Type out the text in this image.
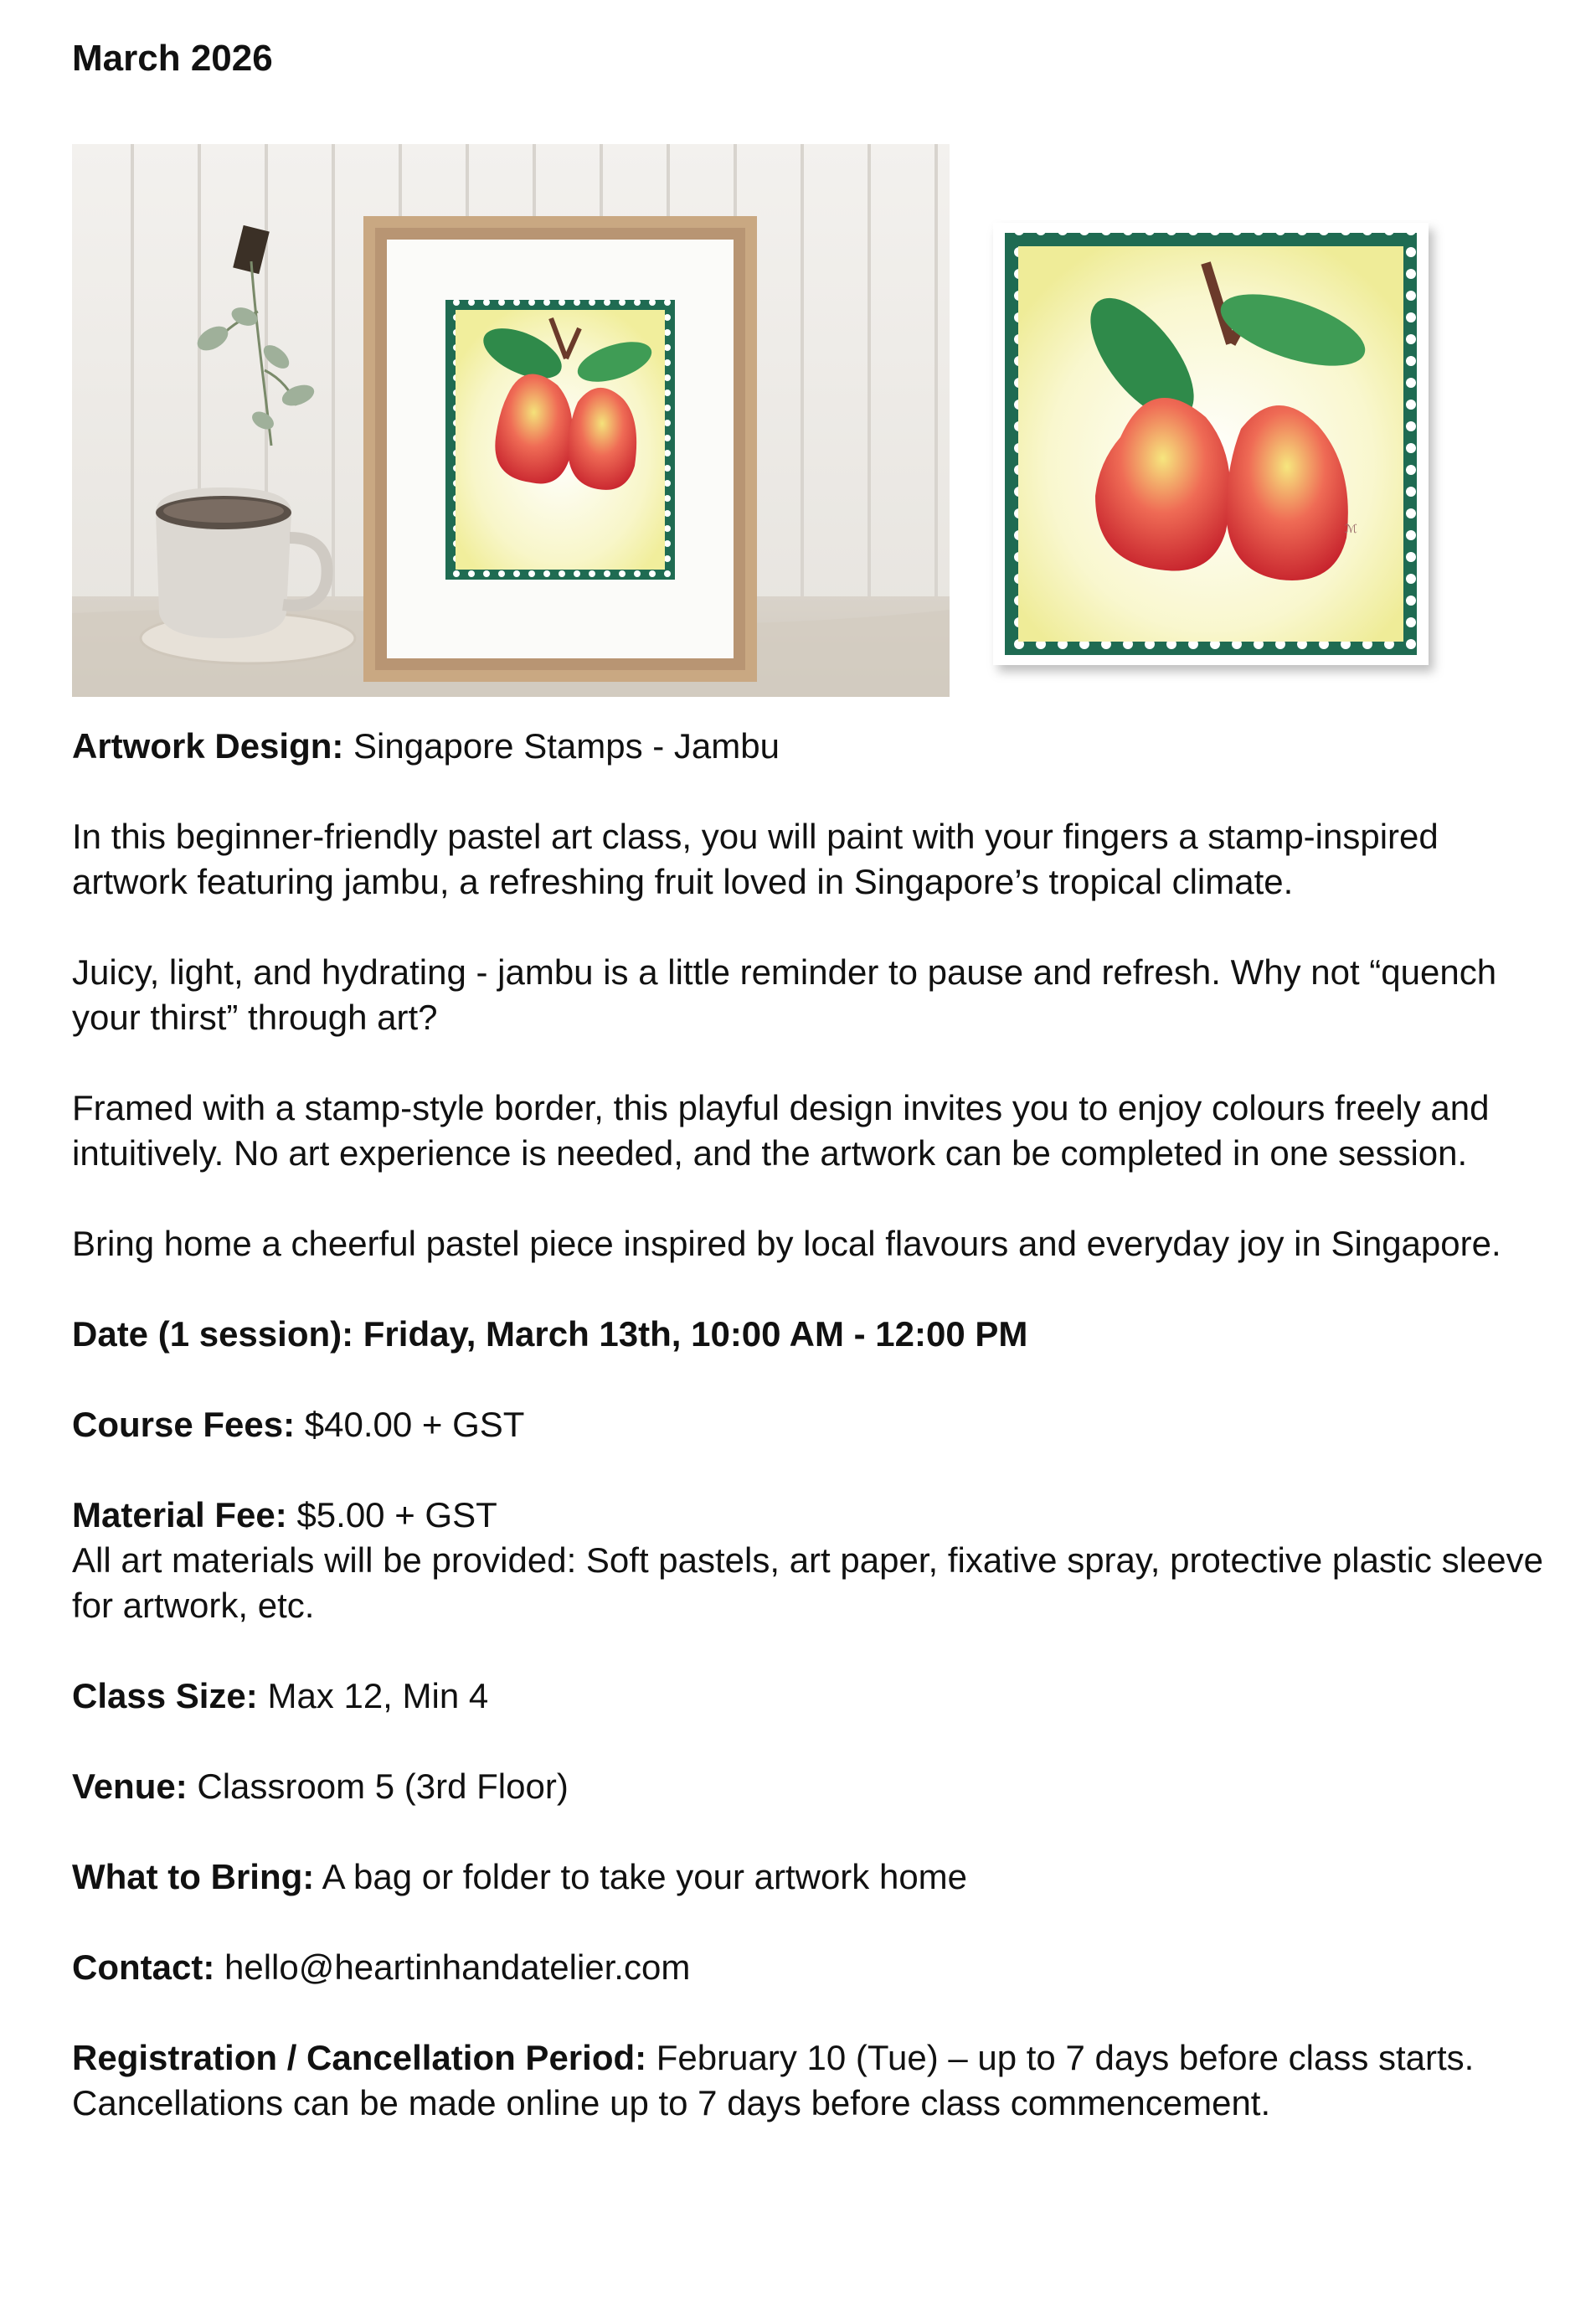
March 2026
ℳ

Artwork Design: Singapore Stamps - Jambu

In this beginner-friendly pastel art class, you will paint with your fingers a stamp-inspired artwork featuring jambu, a refreshing fruit loved in Singapore’s tropical climate.

Juicy, light, and hydrating - jambu is a little reminder to pause and refresh. Why not “quench your thirst” through art?

Framed with a stamp-style border, this playful design invites you to enjoy colours freely and intuitively. No art experience is needed, and the artwork can be completed in one session.

Bring home a cheerful pastel piece inspired by local flavours and everyday joy in Singapore.

Date (1 session): Friday, March 13th, 10:00 AM - 12:00 PM

Course Fees: $40.00 + GST

Material Fee: $5.00 + GST

All art materials will be provided: Soft pastels, art paper, fixative spray, protective plastic sleeve for artwork, etc.

Class Size: Max 12, Min 4

Venue: Classroom 5 (3rd Floor)

What to Bring: A bag or folder to take your artwork home

Contact: hello@heartinhandatelier.com

Registration / Cancellation Period: February 10 (Tue) – up to 7 days before class starts. Cancellations can be made online up to 7 days before class commencement.
